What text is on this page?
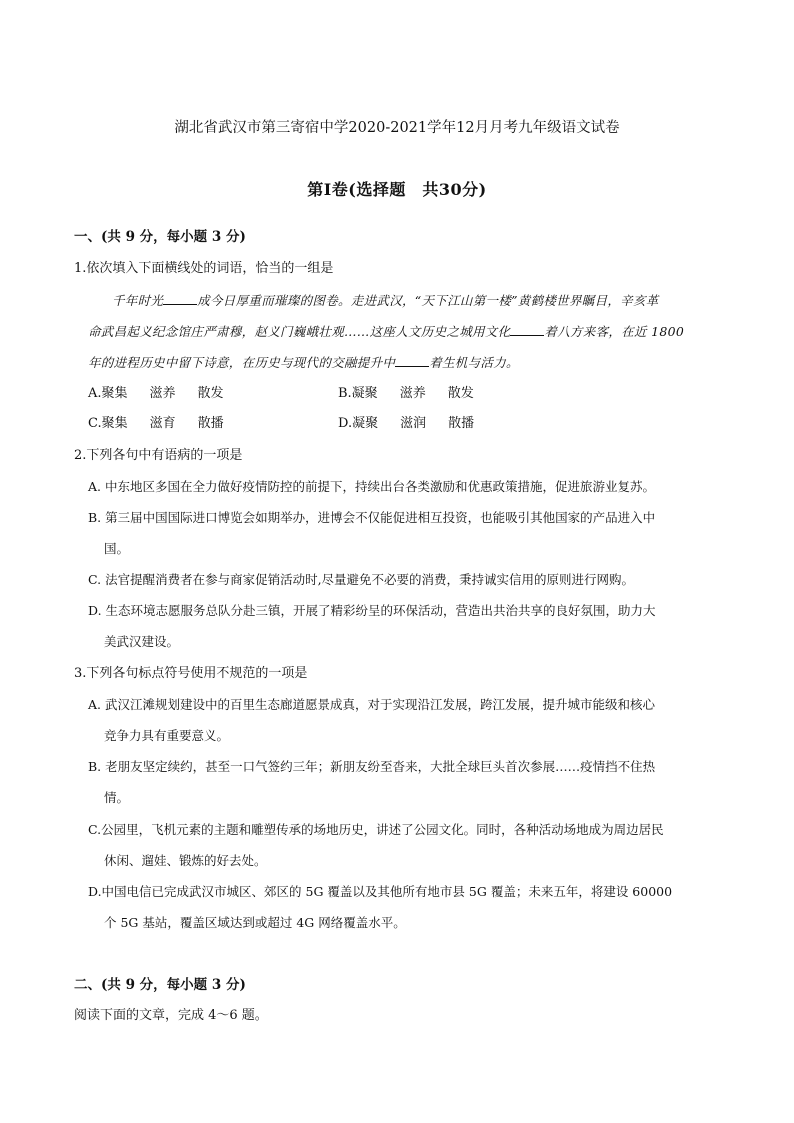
湖北省武汉市第三寄宿中学2020-2021学年12月月考九年级语文试卷
第Ⅰ卷(选择题　共30分)
一、(共 9 分，每小题 3 分)
1.依次填入下面横线处的词语，恰当的一组是
千年时光	成今日厚重而璀璨的图卷。走进武汉，“天下江山第一楼”黄鹤楼世界瞩目，辛亥革
命武昌起义纪念馆庄严肃穆，赵义门巍峨壮观……这座人文历史之城用文化	着八方来客，在近 1800
年的进程历史中留下诗意，在历史与现代的交融提升中	着生机与活力。
A.聚集 滋养 散发	B.凝聚 滋养 散发
C.聚集 滋育 散播	D.凝聚 滋润 散播
2.下列各句中有语病的一项是
A. 中东地区多国在全力做好疫情防控的前提下，持续出台各类激励和优惠政策措施，促进旅游业复苏。
B. 第三届中国国际进口博览会如期举办，进博会不仅能促进相互投资，也能吸引其他国家的产品进入中
国。
C. 法官提醒消费者在参与商家促销活动时,尽量避免不必要的消费，秉持诚实信用的原则进行网购。
D. 生态环境志愿服务总队分赴三镇，开展了精彩纷呈的环保活动，营造出共治共享的良好氛围，助力大
美武汉建设。
3.下列各句标点符号使用不规范的一项是
A. 武汉江滩规划建设中的百里生态廊道愿景成真，对于实现沿江发展，跨江发展，提升城市能级和核心
竞争力具有重要意义。
B. 老朋友坚定续约，甚至一口气签约三年；新朋友纷至沓来，大批全球巨头首次参展……疫情挡不住热
情。
C.公园里，飞机元素的主题和雕塑传承的场地历史，讲述了公园文化。同时，各种活动场地成为周边居民
休闲、遛娃、锻炼的好去处。
D.中国电信已完成武汉市城区、郊区的 5G 覆盖以及其他所有地市县 5G 覆盖；未来五年，将建设 60000
个 5G 基站，覆盖区域达到或超过 4G 网络覆盖水平。
二、(共 9 分，每小题 3 分)
阅读下面的文章，完成 4～6 题。
